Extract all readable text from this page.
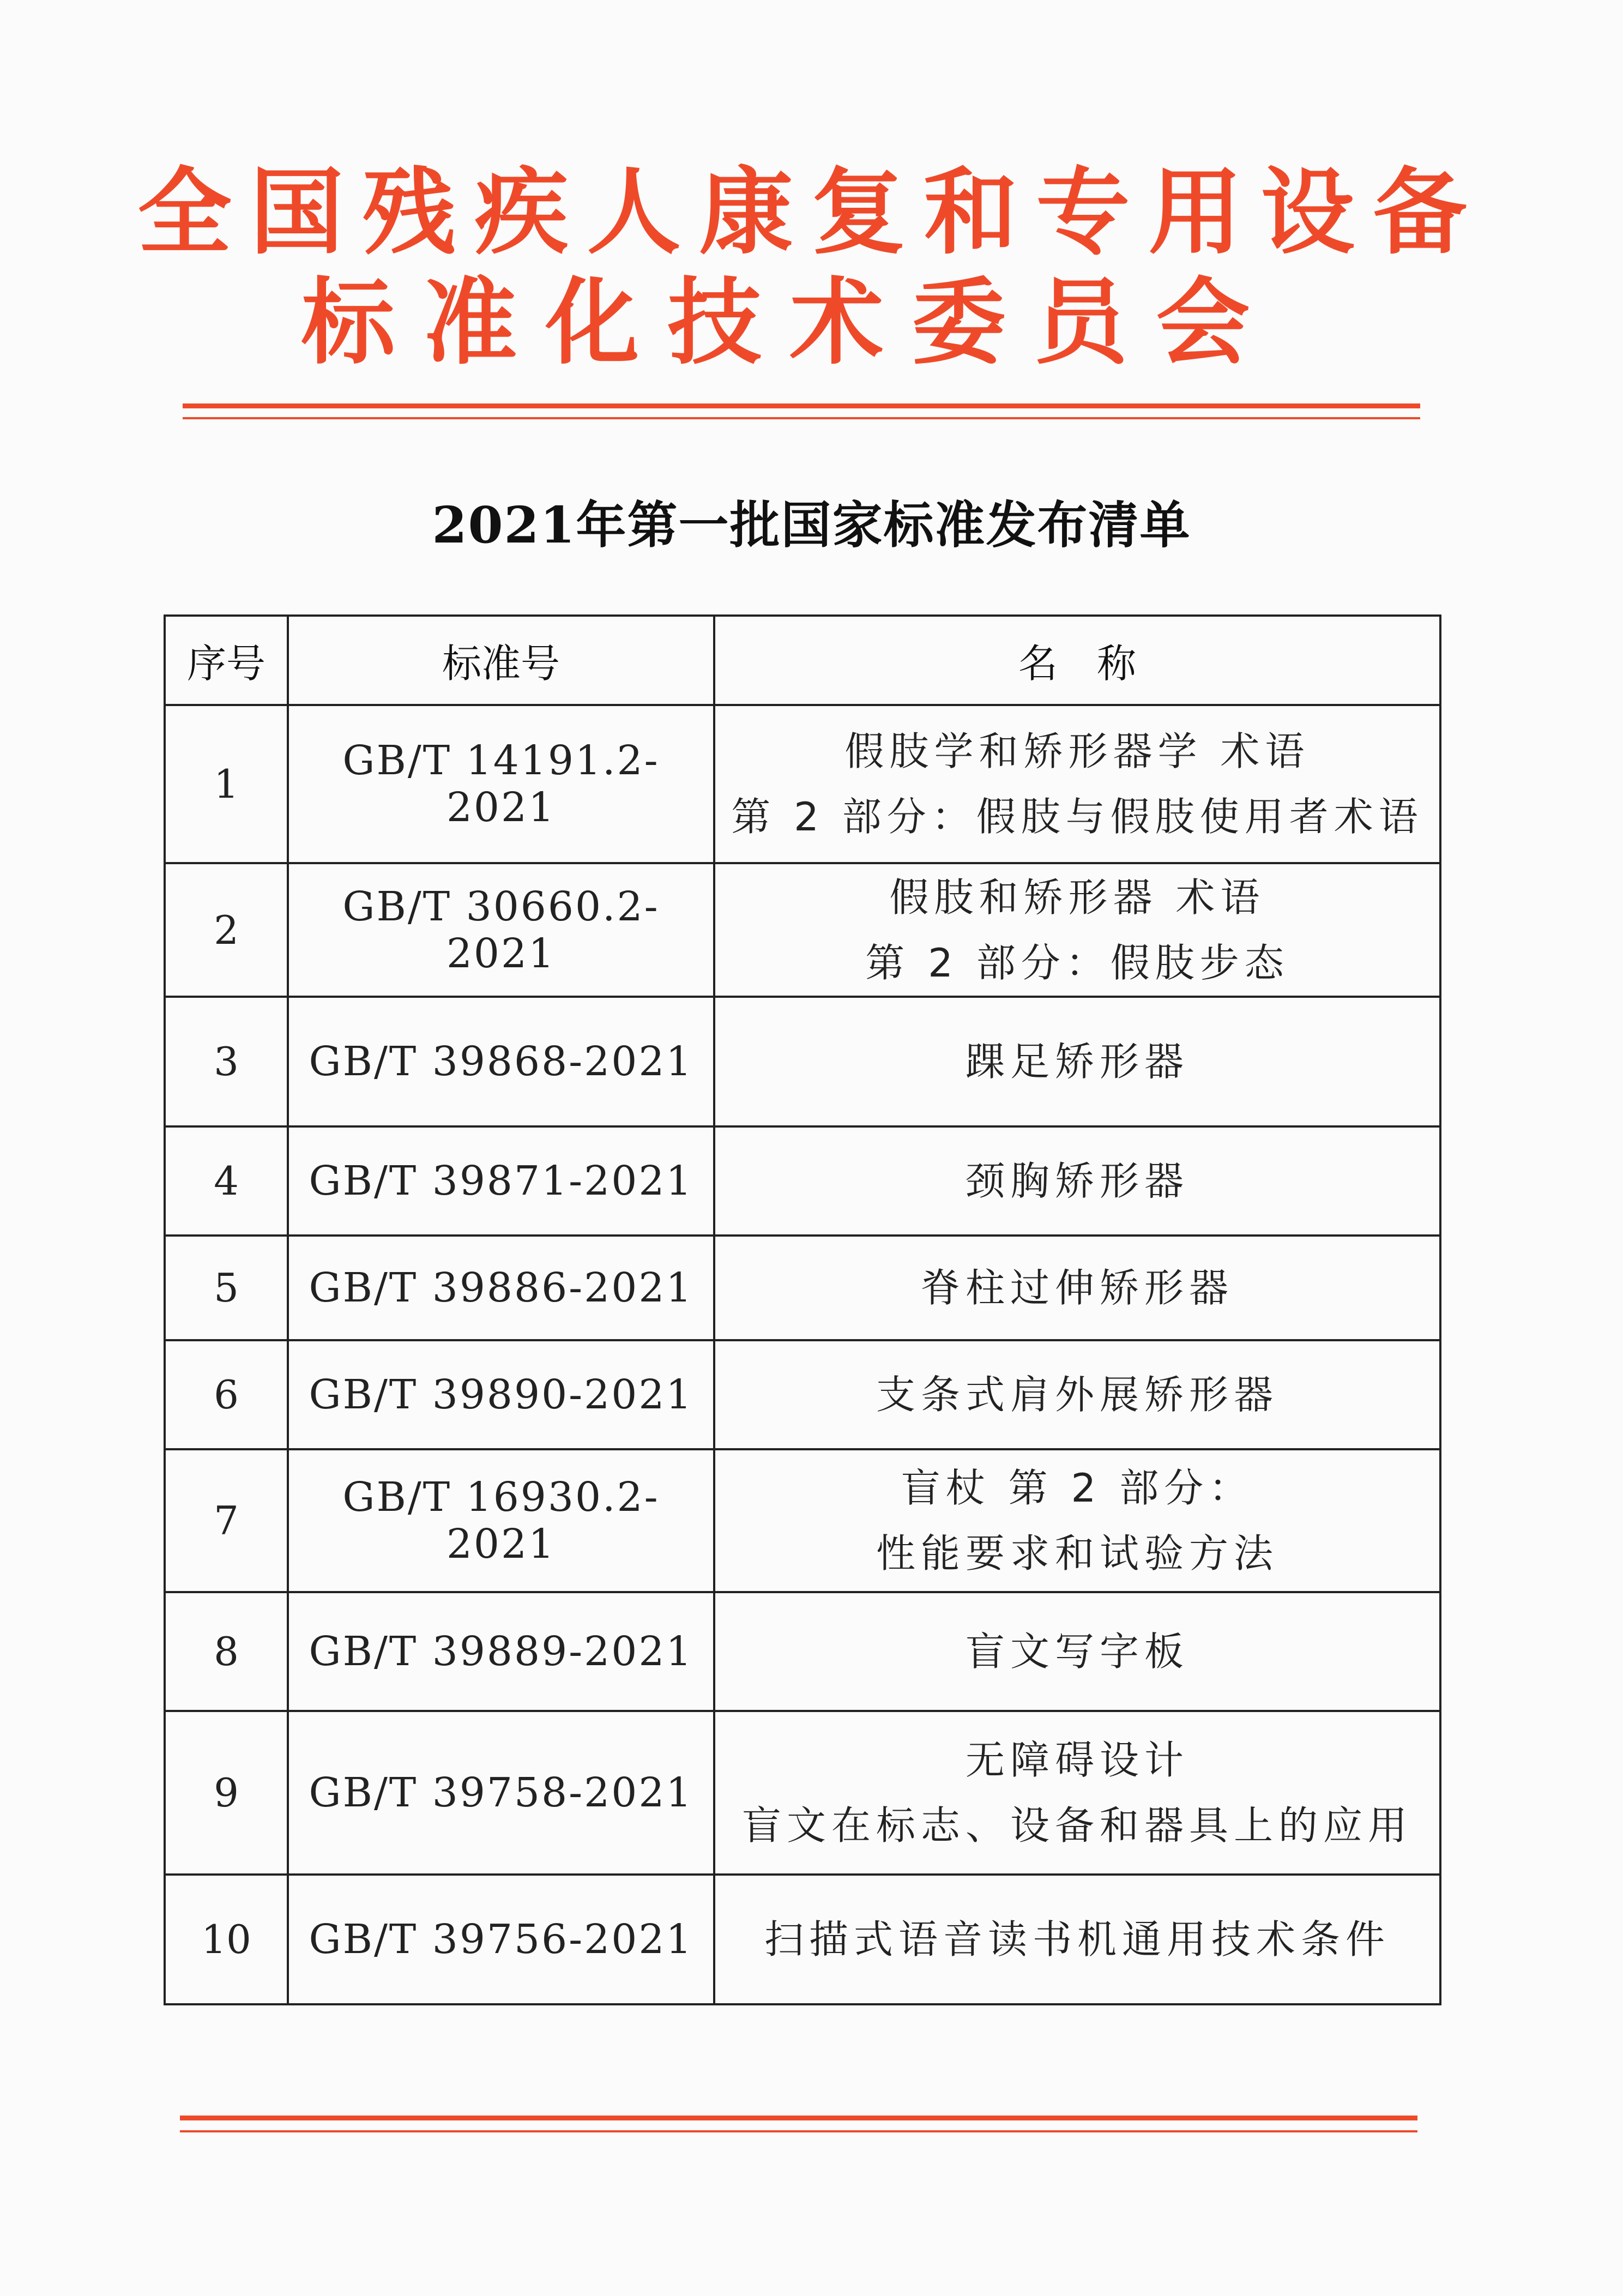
全国残疾人康复和专用设备
标准化技术委员会
2021年第一批国家标准发布清单
序号	标准号	名　称
1	GB/T 14191.2-2021	假肢学和矫形器学 术语
第 2 部分：假肢与假肢使用者术语

2	GB/T 30660.2-2021	假肢和矫形器 术语
第 2 部分：假肢步态

3	GB/T 39868-2021	踝足矫形器

4	GB/T 39871-2021	颈胸矫形器

5	GB/T 39886-2021	脊柱过伸矫形器

6	GB/T 39890-2021	支条式肩外展矫形器

7	GB/T 16930.2-2021	盲杖 第 2 部分：
性能要求和试验方法

8	GB/T 39889-2021	盲文写字板

9	GB/T 39758-2021	无障碍设计
盲文在标志、设备和器具上的应用

10	GB/T 39756-2021	扫描式语音读书机通用技术条件
